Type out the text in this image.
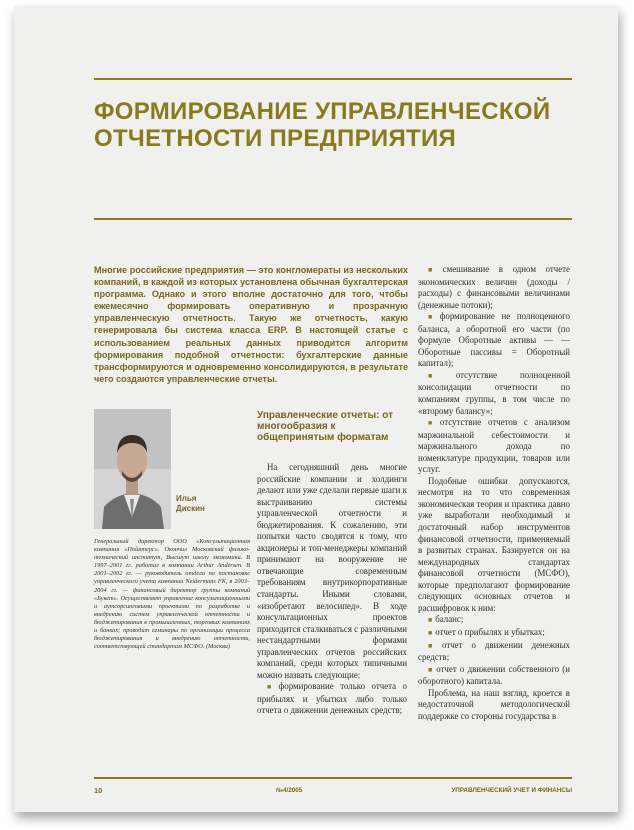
ФОРМИРОВАНИЕ УПРАВЛЕНЧЕСКОЙ ОТЧЕТНОСТИ ПРЕДПРИЯТИЯ
Многие российские предприятия — это конгломераты из нескольких компаний, в каждой из которых установлена обычная бухгалтерская программа. Однако и этого вполне достаточно для того, чтобы ежемесячно формировать оперативную и прозрачную управленческую отчетность. Такую же отчетность, какую генерировала бы система класса ERP. В настоящей статье с использованием реальных данных приводится алгоритм формирования подобной отчетности: бухгалтерские данные трансформируются и одновременно консолидируются, в результате чего создаются управленческие отчеты.
Илья
Дискин
Генеральный директор ООО «Консультационная компания «Пойнтерс». Окончил Московский физико-технический институт, Высшую школу экономики. В 1997–2001 гг. работал в компании Arthur Andersen. В 2001–2002 гг. — руководитель отдела по постановке управленческого учета компании Neidermans FK, в 2003–2004 гг. — финансовый директор группы компаний «Букет». Осуществляет управление консультационными и аутсорсинговыми проектами по разработке и внедрению систем управленческой отчетности и бюджетирования в промышленных, торговых компаниях и банках; проводит семинары по организации процесса бюджетирования и внедрению отчетности, соответствующей стандартам МСФО. (Москва)
Управленческие отчеты: от многообразия к общепринятым форматам

На сегодняшний день многие российские компании и холдинги делают или уже сделали первые шаги к выстраиванию системы управленческой отчетности и бюджетирования. К сожалению, эти попытки часто сводятся к тому, что акционеры и топ-менеджеры компаний принимают на вооружение не отвечающие современным требованиям внутрикорпоративные стандарты. Иными словами, «изобретают велосипед». В ходе консультационных проектов приходится сталкиваться с различными нестандартными формами управленческих отчетов российских компаний, среди которых типичными можно назвать следующие:

■ формирование только отчета о прибылях и убытках либо только отчета о движении денежных средств;

■ смешивание в одном отчете экономических величин (доходы / расходы) с финансовыми величинами (денежные потоки);

■ формирование не полноценного баланса, а оборотной его части (по формуле Оборотные активы — — Оборотные пассивы = Оборотный капитал);

■ отсутствие полноценной консолидации отчетности по компаниям группы, в том числе по «второму балансу»;

■ отсутствие отчетов с анализом маржинальной себестоимости и маржинального дохода по номенклатуре продукции, товаров или услуг.

Подобные ошибки допускаются, несмотря на то что современная экономическая теория и практика давно уже выработали необходимый и достаточный набор инструментов финансовой отчетности, применяемый в развитых странах. Базируется он на международных стандартах финансовой отчетности (МСФО), которые предполагают формирование следующих основных отчетов и расшифровок к ним:

■ баланс;

■ отчет о прибылях и убытках;

■ отчет о движении денежных средств;

■ отчет о движении собственного (и оборотного) капитала.

Проблема, на наш взгляд, кроется в недостаточной методологической поддержке со стороны государства в

10	№4/2005	УПРАВЛЕНЧЕСКИЙ УЧЕТ И ФИНАНСЫ
